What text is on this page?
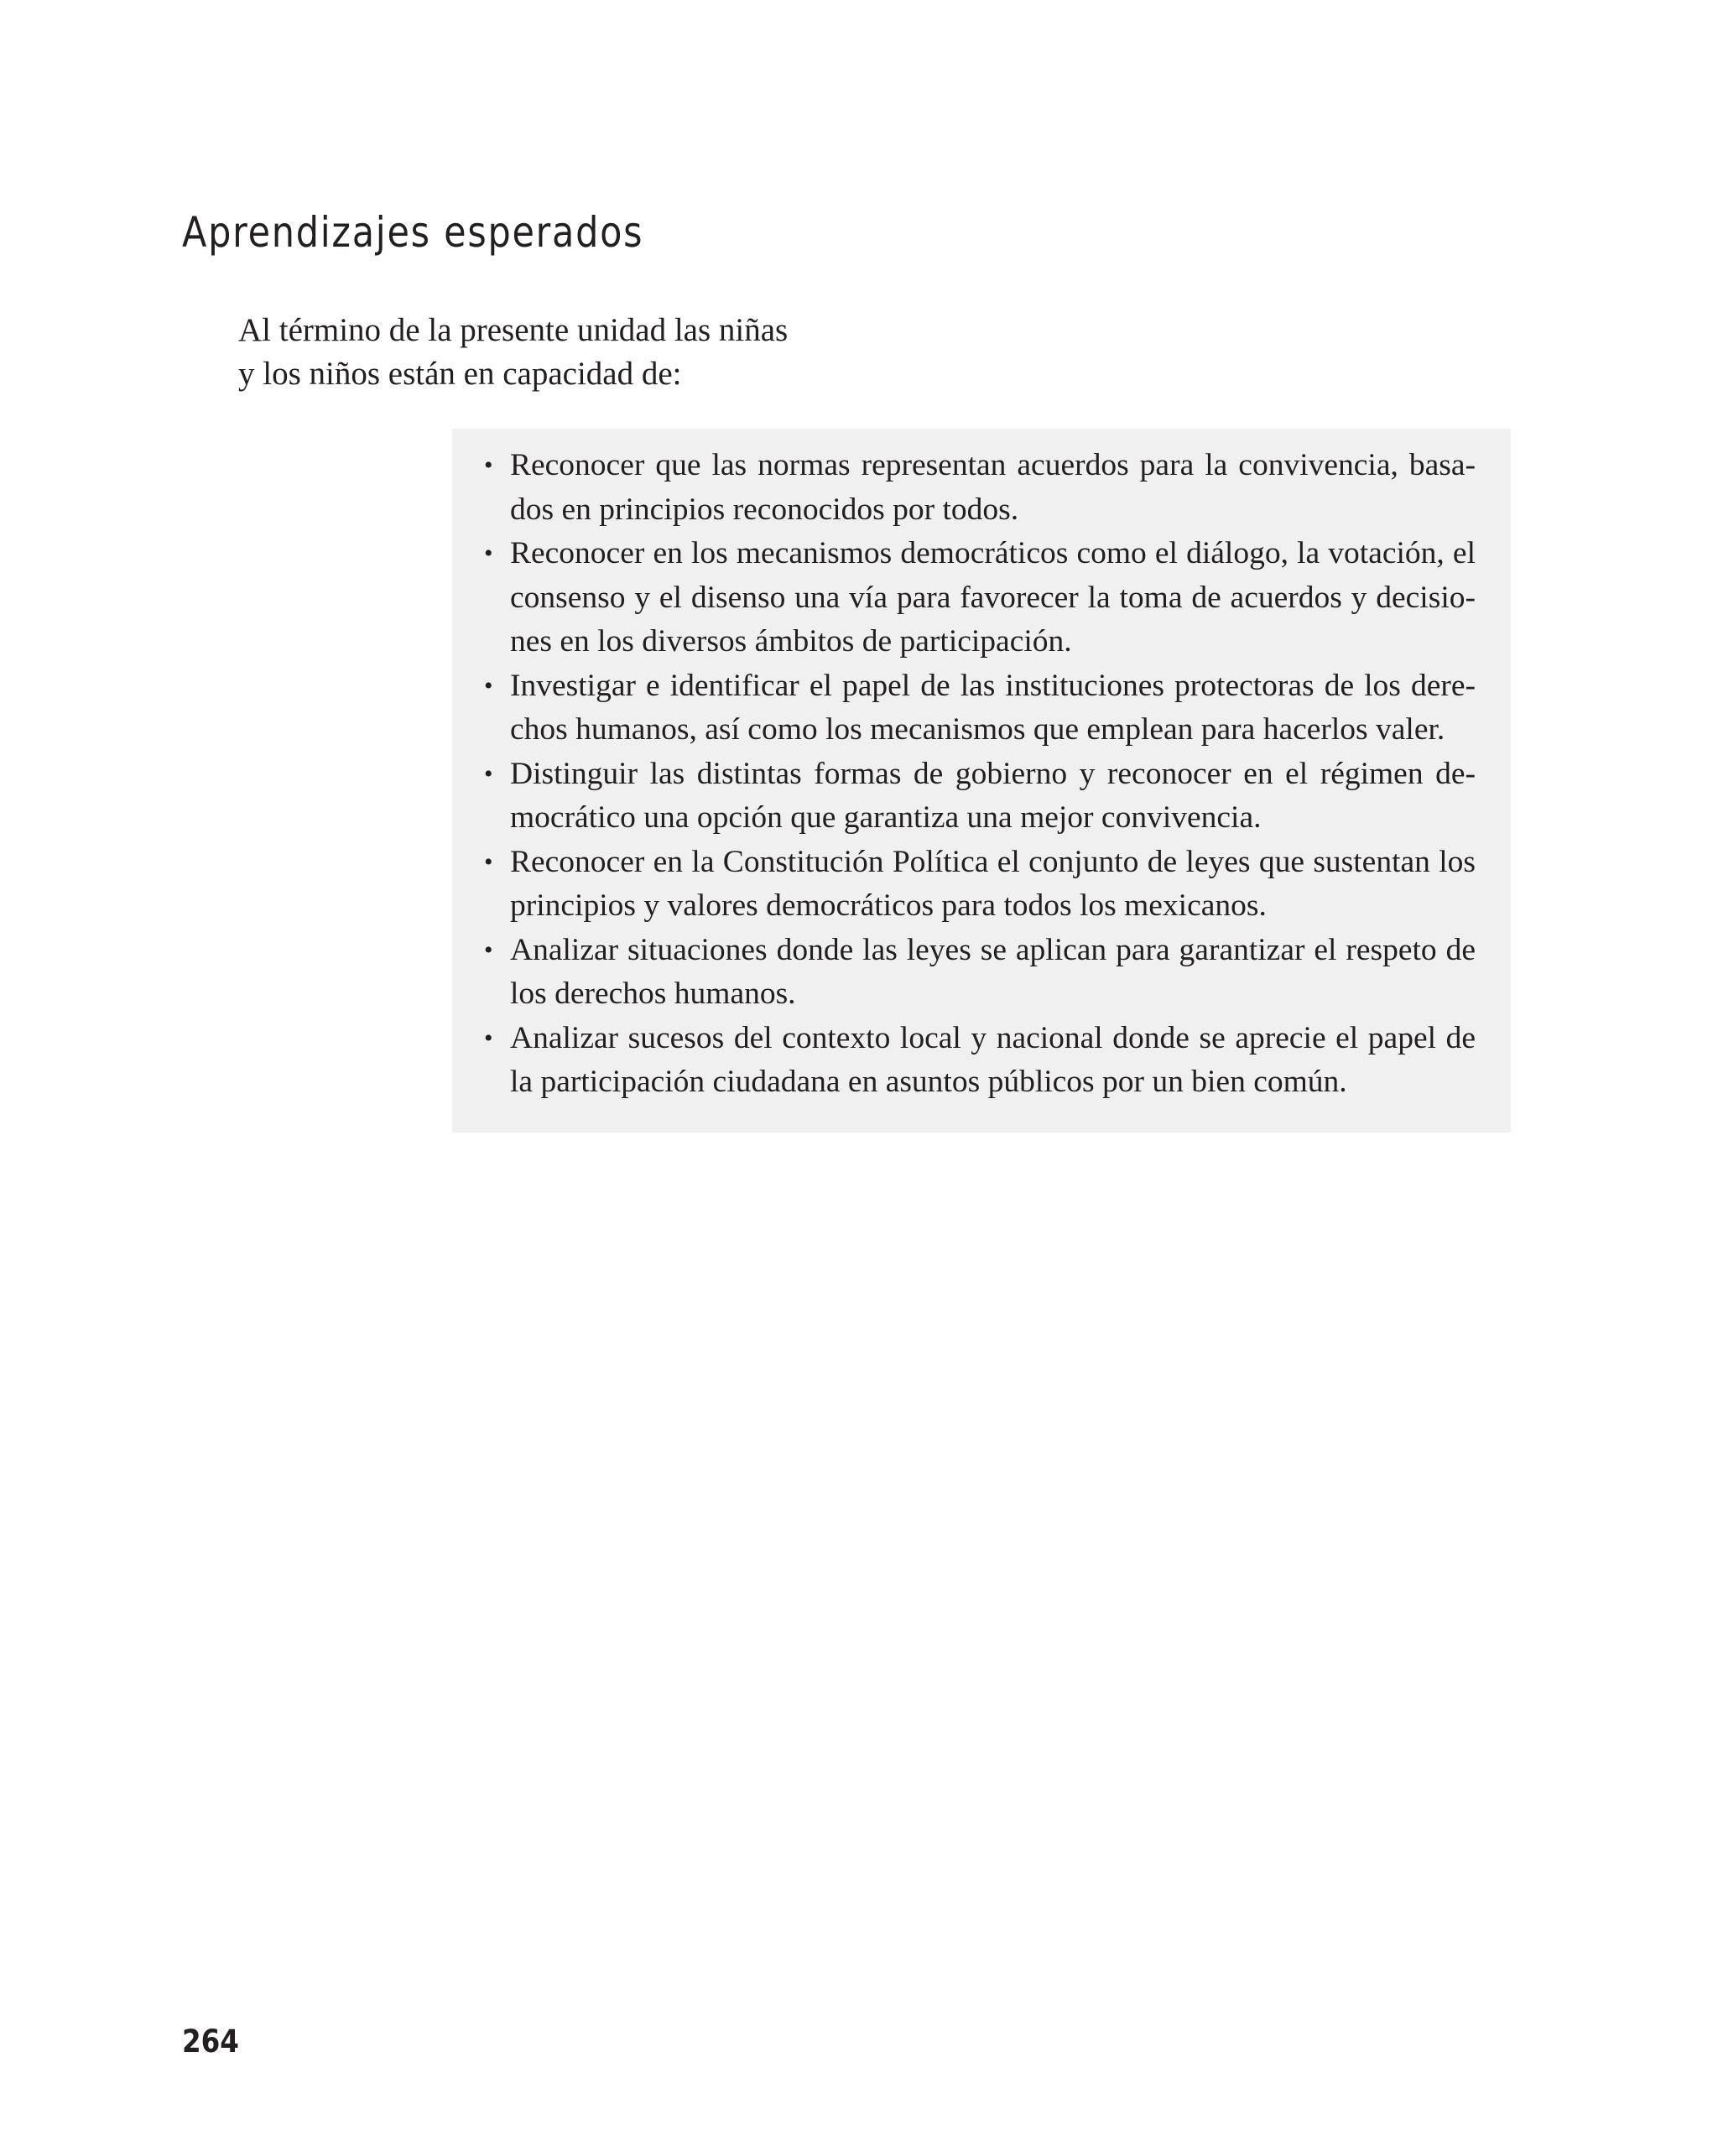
Aprendizajes esperados

Al término de la presente unidad las niñas
y los niños están en capacidad de:

• Reconocer que las normas representan acuerdos para la convivencia, basados en principios reconocidos por todos.
• Reconocer en los mecanismos democráticos como el diálogo, la votación, el consenso y el disenso una vía para favorecer la toma de acuerdos y decisiones en los diversos ámbitos de participación.
• Investigar e identificar el papel de las instituciones protectoras de los derechos humanos, así como los mecanismos que emplean para hacerlos valer.
• Distinguir las distintas formas de gobierno y reconocer en el régimen democrático una opción que garantiza una mejor convivencia.
• Reconocer en la Constitución Política el conjunto de leyes que sustentan los principios y valores democráticos para todos los mexicanos.
• Analizar situaciones donde las leyes se aplican para garantizar el respeto de los derechos humanos.
• Analizar sucesos del contexto local y nacional donde se aprecie el papel de la participación ciudadana en asuntos públicos por un bien común.
264
